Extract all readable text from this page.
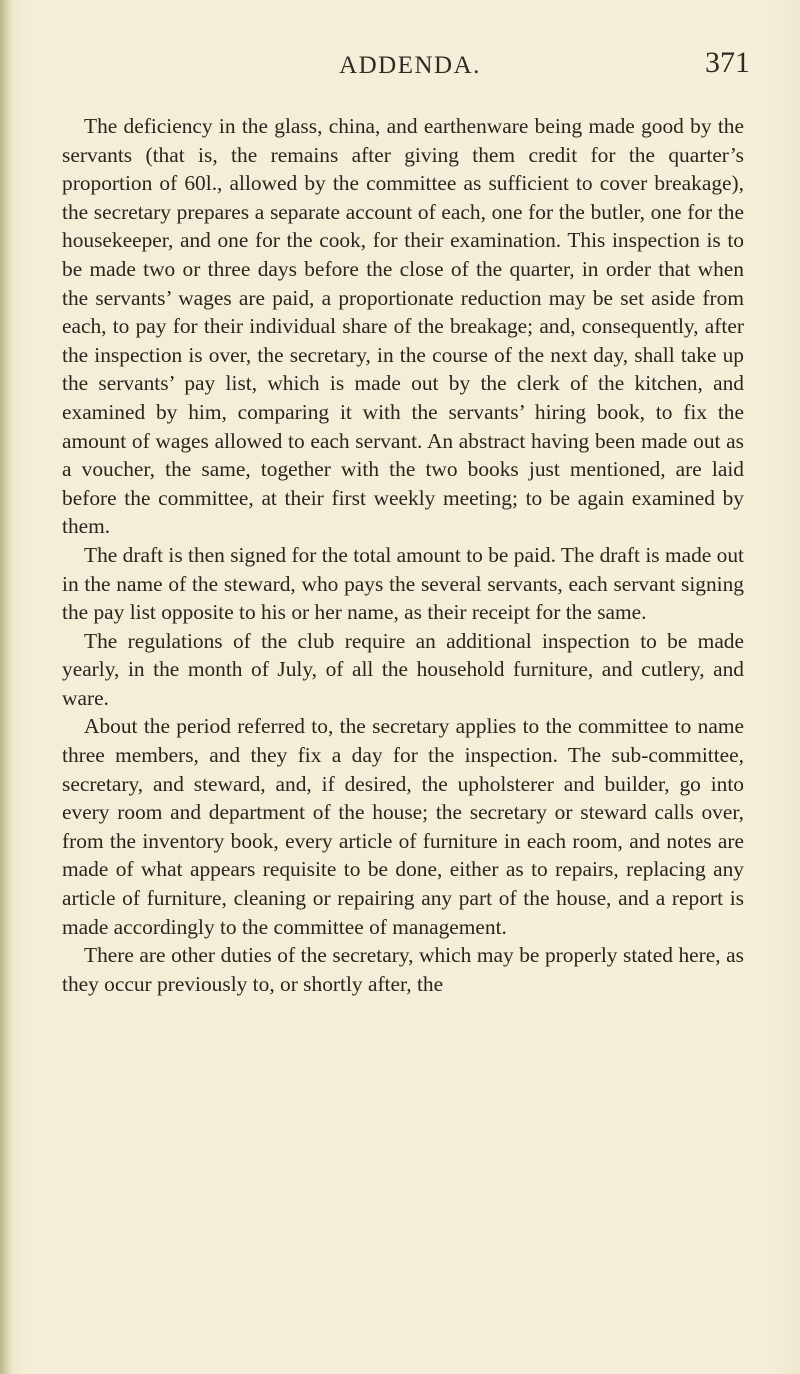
ADDENDA.	371

The deficiency in the glass, china, and earthenware being made good by the servants (that is, the remains after giving them credit for the quarter’s proportion of 60l., allowed by the committee as sufficient to cover breakage), the secretary prepares a separate account of each, one for the butler, one for the housekeeper, and one for the cook, for their examination. This inspection is to be made two or three days before the close of the quarter, in order that when the servants’ wages are paid, a proportionate reduction may be set aside from each, to pay for their individual share of the breakage; and, consequently, after the inspection is over, the secretary, in the course of the next day, shall take up the servants’ pay list, which is made out by the clerk of the kitchen, and examined by him, comparing it with the servants’ hiring book, to fix the amount of wages allowed to each servant. An abstract having been made out as a voucher, the same, together with the two books just mentioned, are laid before the committee, at their first weekly meeting; to be again examined by them.

The draft is then signed for the total amount to be paid. The draft is made out in the name of the steward, who pays the several servants, each servant signing the pay list opposite to his or her name, as their receipt for the same.

The regulations of the club require an additional inspection to be made yearly, in the month of July, of all the household furniture, and cutlery, and ware.

About the period referred to, the secretary applies to the committee to name three members, and they fix a day for the inspection. The sub-committee, secretary, and steward, and, if desired, the upholsterer and builder, go into every room and department of the house; the secretary or steward calls over, from the inventory book, every article of furniture in each room, and notes are made of what appears requisite to be done, either as to repairs, replacing any article of furniture, cleaning or repairing any part of the house, and a report is made accordingly to the committee of management.

There are other duties of the secretary, which may be properly stated here, as they occur previously to, or shortly after, the
